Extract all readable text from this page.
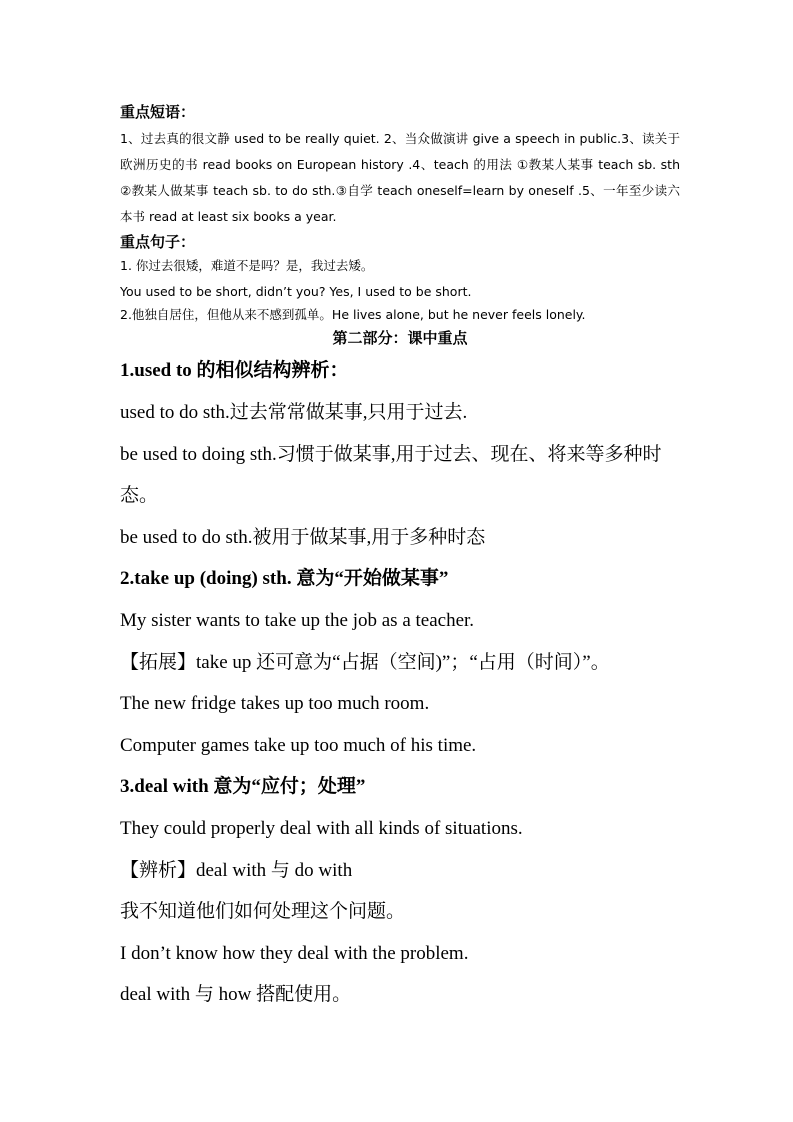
重点短语：

1、过去真的很文静 used to be really quiet. 2、当众做演讲 give a speech in public.3、读关于欧洲历史的书 read books on European history .4、teach 的用法 ①教某人某事 teach sb. sth ②教某人做某事 teach sb. to do sth.③自学 teach oneself=learn by oneself .5、一年至少读六本书 read at least six books a year.

重点句子：

1. 你过去很矮，难道不是吗？是，我过去矮。

You used to be short, didn’t you? Yes, I used to be short.

2.他独自居住，但他从来不感到孤单。He lives alone, but he never feels lonely.

第二部分：课中重点

1.used to 的相似结构辨析：

used to do sth.过去常常做某事,只用于过去.

be used to doing sth.习惯于做某事,用于过去、现在、将来等多种时态。

be used to do sth.被用于做某事,用于多种时态

2.take up (doing) sth. 意为“开始做某事”

My sister wants to take up the job as a teacher.

【拓展】take up 还可意为“占据（空间)”；“占用（时间）”。

The new fridge takes up too much room.

Computer games take up too much of his time.

3.deal with 意为“应付；处理”

They could properly deal with all kinds of situations.

【辨析】deal with 与 do with

我不知道他们如何处理这个问题。

I don’t know how they deal with the problem.

deal with 与 how 搭配使用。
